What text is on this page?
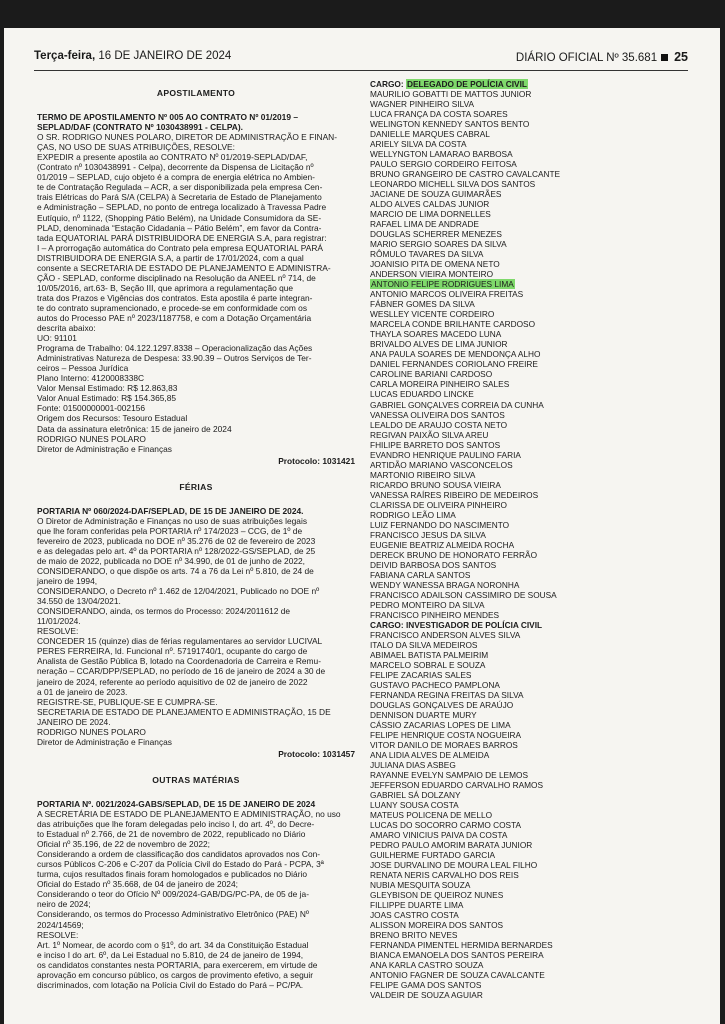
Terça-feira, 16 DE JANEIRO DE 2024	DIÁRIO OFICIAL Nº 35.681 25
APOSTILAMENTO
TERMO DE APOSTILAMENTO Nº 005 AO CONTRATO Nº 01/2019 –
SEPLAD/DAF (CONTRATO Nº 1030438991 - CELPA).
O SR. RODRIGO NUNES POLARO, DIRETOR DE ADMINISTRAÇÃO E FINAN-
ÇAS, NO USO DE SUAS ATRIBUIÇÕES, RESOLVE:
EXPEDIR a presente apostila ao CONTRATO Nº 01/2019-SEPLAD/DAF,
(Contrato nº 1030438991 - Celpa), decorrente da Dispensa de Licitação nº
01/2019 – SEPLAD, cujo objeto é a compra de energia elétrica no Ambien-
te de Contratação Regulada – ACR, a ser disponibilizada pela empresa Cen-
trais Elétricas do Pará S/A (CELPA) à Secretaria de Estado de Planejamento
e Administração – SEPLAD, no ponto de entrega localizado à Travessa Padre
Eutíquio, nº 1122, (Shopping Pátio Belém), na Unidade Consumidora da SE-
PLAD, denominada “Estação Cidadania – Pátio Belém”, em favor da Contra-
tada EQUATORIAL PARÁ DISTRIBUIDORA DE ENERGIA S.A, para registrar:
I – A prorrogação automática do Contrato pela empresa EQUATORIAL PARÁ
DISTRIBUIDORA DE ENERGIA S.A, a partir de 17/01/2024, com a qual
consente a SECRETARIA DE ESTADO DE PLANEJAMENTO E ADMINISTRA-
ÇÃO - SEPLAD, conforme disciplinado na Resolução da ANEEL nº 714, de
10/05/2016, art.63- B, Seção III, que aprimora a regulamentação que
trata dos Prazos e Vigências dos contratos. Esta apostila é parte integran-
te do contrato supramencionado, e procede-se em conformidade com os
autos do Processo PAE nº 2023/1187758, e com a Dotação Orçamentária
descrita abaixo:
UO: 91101
Programa de Trabalho: 04.122.1297.8338 – Operacionalização das Ações
Administrativas Natureza de Despesa: 33.90.39 – Outros Serviços de Ter-
ceiros – Pessoa Jurídica
Plano Interno: 4120008338C
Valor Mensal Estimado: R$ 12.863,83
Valor Anual Estimado: R$ 154.365,85
Fonte: 01500000001-002156
Origem dos Recursos: Tesouro Estadual
Data da assinatura eletrônica: 15 de janeiro de 2024
RODRIGO NUNES POLARO
Diretor de Administração e Finanças
Protocolo: 1031421
FÉRIAS
PORTARIA Nº 060/2024-DAF/SEPLAD, DE 15 DE JANEIRO DE 2024.
O Diretor de Administração e Finanças no uso de suas atribuições legais
que lhe foram conferidas pela PORTARIA nº 174/2023 – CCG, de 1º de
fevereiro de 2023, publicada no DOE nº 35.276 de 02 de fevereiro de 2023
e as delegadas pelo art. 4º da PORTARIA nº 128/2022-GS/SEPLAD, de 25
de maio de 2022, publicada no DOE nº 34.990, de 01 de junho de 2022,
CONSIDERANDO, o que dispõe os arts. 74 a 76 da Lei nº 5.810, de 24 de
janeiro de 1994,
CONSIDERANDO, o Decreto nº 1.462 de 12/04/2021, Publicado no DOE nº
34.550 de 13/04/2021.
CONSIDERANDO, ainda, os termos do Processo: 2024/2011612 de
11/01/2024.
RESOLVE:
CONCEDER 15 (quinze) dias de férias regulamentares ao servidor LUCIVAL
PERES FERREIRA, Id. Funcional nº. 57191740/1, ocupante do cargo de
Analista de Gestão Pública B, lotado na Coordenadoria de Carreira e Remu-
neração – CCAR/DPP/SEPLAD, no período de 16 de janeiro de 2024 a 30 de
janeiro de 2024, referente ao período aquisitivo de 02 de janeiro de 2022
a 01 de janeiro de 2023.
REGISTRE-SE, PUBLIQUE-SE E CUMPRA-SE.
SECRETARIA DE ESTADO DE PLANEJAMENTO E ADMINISTRAÇÃO, 15 DE
JANEIRO DE 2024.
RODRIGO NUNES POLARO
Diretor de Administração e Finanças
Protocolo: 1031457
OUTRAS MATÉRIAS
PORTARIA Nº. 0021/2024-GABS/SEPLAD, DE 15 DE JANEIRO DE 2024
A SECRETÁRIA DE ESTADO DE PLANEJAMENTO E ADMINISTRAÇÃO, no uso
das atribuições que lhe foram delegadas pelo inciso I, do art. 4º, do Decre-
to Estadual nº 2.766, de 21 de novembro de 2022, republicado no Diário
Oficial nº 35.196, de 22 de novembro de 2022;
Considerando a ordem de classificação dos candidatos aprovados nos Con-
cursos Públicos C-206 e C-207 da Polícia Civil do Estado do Pará - PCPA, 3ª
turma, cujos resultados finais foram homologados e publicados no Diário
Oficial do Estado nº 35.668, de 04 de janeiro de 2024;
Considerando o teor do Ofício Nº 009/2024-GAB/DG/PC-PA, de 05 de ja-
neiro de 2024;
Considerando, os termos do Processo Administrativo Eletrônico (PAE) Nº
2024/14569;
RESOLVE:
Art. 1º Nomear, de acordo com o §1º, do art. 34 da Constituição Estadual
e inciso I do art. 6º, da Lei Estadual no 5.810, de 24 de janeiro de 1994,
os candidatos constantes nesta PORTARIA, para exercerem, em virtude de
aprovação em concurso público, os cargos de provimento efetivo, a seguir
discriminados, com lotação na Polícia Civil do Estado do Pará – PC/PA.
CARGO: DELEGADO DE POLÍCIA CIVIL
MAURILIO GOBATTI DE MATTOS JUNIOR
WAGNER PINHEIRO SILVA
LUCA FRANÇA DA COSTA SOARES
WELINGTON KENNEDY SANTOS BENTO
DANIELLE MARQUES CABRAL
ARIELY SILVA DA COSTA
WELLYNGTON LAMARAO BARBOSA
PAULO SERGIO CORDEIRO FEITOSA
BRUNO GRANGEIRO DE CASTRO CAVALCANTE
LEONARDO MICHELL SILVA DOS SANTOS
JACIANE DE SOUZA GUIMARÃES
ALDO ALVES CALDAS JUNIOR
MARCIO DE LIMA DORNELLES
RAFAEL LIMA DE ANDRADE
DOUGLAS SCHERRER MENEZES
MARIO SERGIO SOARES DA SILVA
RÔMULO TAVARES DA SILVA
JOANISIO PITA DE OMENA NETO
ANDERSON VIEIRA MONTEIRO
ANTONIO FELIPE RODRIGUES LIMA
ANTONIO MARCOS OLIVEIRA FREITAS
FÁBNER GOMES DA SILVA
WESLLEY VICENTE CORDEIRO
MARCELA CONDE BRILHANTE CARDOSO
THAYLA SOARES MACEDO LUNA
BRIVALDO ALVES DE LIMA JUNIOR
ANA PAULA SOARES DE MENDONÇA ALHO
DANIEL FERNANDES CORIOLANO FREIRE
CAROLINE BARIANI CARDOSO
CARLA MOREIRA PINHEIRO SALES
LUCAS EDUARDO LINCKE
GABRIEL GONÇALVES CORREIA DA CUNHA
VANESSA OLIVEIRA DOS SANTOS
LEALDO DE ARAUJO COSTA NETO
REGIVAN PAIXÃO SILVA AREU
FHILIPE BARRETO DOS SANTOS
EVANDRO HENRIQUE PAULINO FARIA
ARTIDÃO MARIANO VASCONCELOS
MARTONIO RIBEIRO SILVA
RICARDO BRUNO SOUSA VIEIRA
VANESSA RAÍRES RIBEIRO DE MEDEIROS
CLARISSA DE OLIVEIRA PINHEIRO
RODRIGO LEÃO LIMA
LUIZ FERNANDO DO NASCIMENTO
FRANCISCO JESUS DA SILVA
EUGENIE BEATRIZ ALMEIDA ROCHA
DERECK BRUNO DE HONORATO FERRÃO
DEIVID BARBOSA DOS SANTOS
FABIANA CARLA SANTOS
WENDY WANESSA BRAGA NORONHA
FRANCISCO ADAILSON CASSIMIRO DE SOUSA
PEDRO MONTEIRO DA SILVA
FRANCISCO PINHEIRO MENDES
CARGO: INVESTIGADOR DE POLÍCIA CIVIL
FRANCISCO ANDERSON ALVES SILVA
ITALO DA SILVA MEDEIROS
ABIMAEL BATISTA PALMEIRIM
MARCELO SOBRAL E SOUZA
FELIPE ZACARIAS SALES
GUSTAVO PACHECO PAMPLONA
FERNANDA REGINA FREITAS DA SILVA
DOUGLAS GONÇALVES DE ARAÚJO
DENNISON DUARTE MURY
CÁSSIO ZACARIAS LOPES DE LIMA
FELIPE HENRIQUE COSTA NOGUEIRA
VITOR DANILO DE MORAES BARROS
ANA LIDIA ALVES DE ALMEIDA
JULIANA DIAS ASBEG
RAYANNE EVELYN SAMPAIO DE LEMOS
JEFFERSON EDUARDO CARVALHO RAMOS
GABRIEL SÁ DOLZANY
LUANY SOUSA COSTA
MATEUS POLICENA DE MELLO
LUCAS DO SOCORRO CARMO COSTA
AMARO VINICIUS PAIVA DA COSTA
PEDRO PAULO AMORIM BARATA JUNIOR
GUILHERME FURTADO GARCIA
JOSE DURVALINO DE MOURA LEAL FILHO
RENATA NERIS CARVALHO DOS REIS
NUBIA MESQUITA SOUZA
GLEYBISON DE QUEIROZ NUNES
FILLIPPE DUARTE LIMA
JOAS CASTRO COSTA
ALISSON MOREIRA DOS SANTOS
BRENO BRITO NEVES
FERNANDA PIMENTEL HERMIDA BERNARDES
BIANCA EMANOELA DOS SANTOS PEREIRA
ANA KARLA CASTRO SOUZA
ANTONIO FAGNER DE SOUZA CAVALCANTE
FELIPE GAMA DOS SANTOS
VALDEIR DE SOUZA AGUIAR
